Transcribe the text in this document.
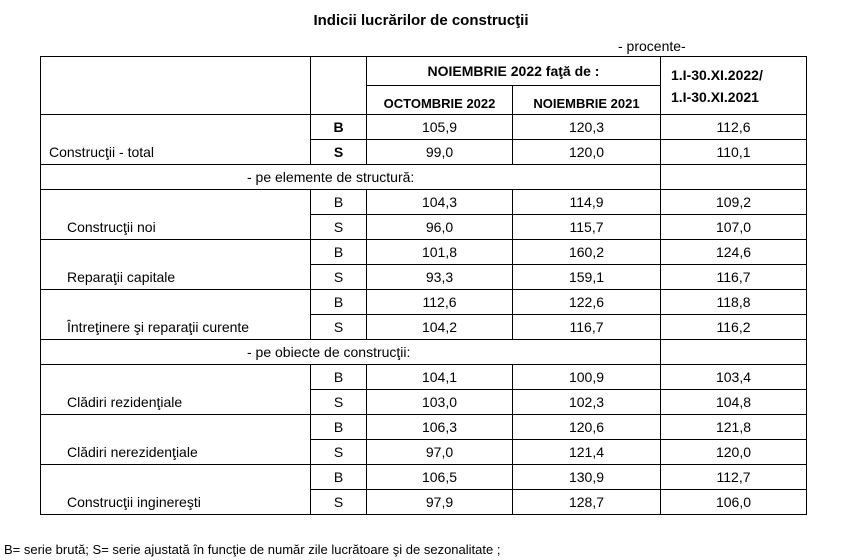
Indicii lucrărilor de construcţii
- procente-
		NOIEMBRIE 2022 faţă de :		1.I-30.XI.2022/
1.I-30.XI.2021
		OCTOMBRIE 2022	NOIEMBRIE 2021	
Construcţii - total	B	105,9	120,3	112,6
	S	99,0	120,0	110,1
- pe elemente de structură:				
Construcţii noi	B	104,3	114,9	109,2
	S	96,0	115,7	107,0
Reparaţii capitale	B	101,8	160,2	124,6
	S	93,3	159,1	116,7
Întreţinere şi reparaţii curente	B	112,6	122,6	118,8
	S	104,2	116,7	116,2
- pe obiecte de construcţii:				
Clădiri rezidenţiale	B	104,1	100,9	103,4
	S	103,0	102,3	104,8
Clădiri nerezidenţiale	B	106,3	120,6	121,8
	S	97,0	121,4	120,0
Construcţii inginereşti	B	106,5	130,9	112,7
	S	97,9	128,7	106,0
B= serie brută; S= serie ajustată în funcţie de număr zile lucrătoare şi de sezonalitate ;
